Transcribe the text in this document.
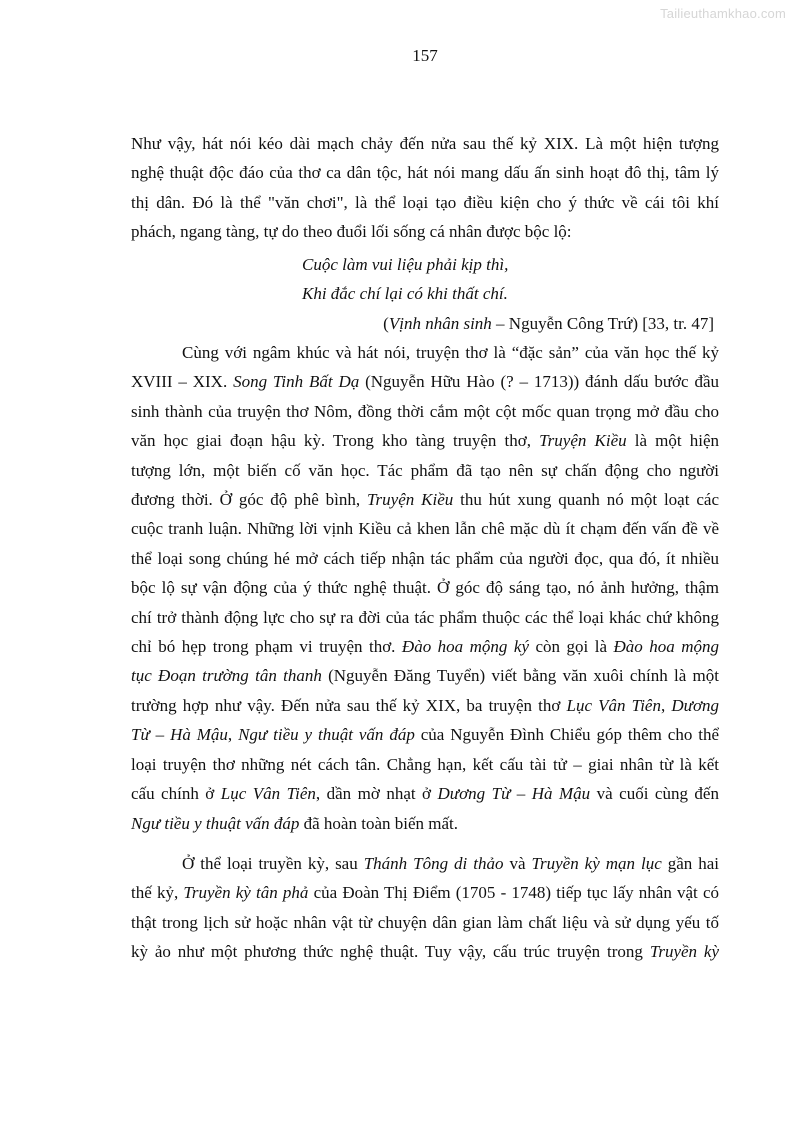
Tailieuthamkhao.com
157
Như vậy, hát nói kéo dài mạch chảy đến nửa sau thế kỷ XIX. Là một hiện tượng
nghệ thuật độc đáo của thơ ca dân tộc, hát nói mang dấu ấn sinh hoạt đô thị, tâm lý
thị dân. Đó là thể "văn chơi", là thể loại tạo điều kiện cho ý thức về cái tôi khí
phách, ngang tàng, tự do theo đuổi lối sống cá nhân được bộc lộ:
Cuộc làm vui liệu phải kịp thì,
Khi đắc chí lại có khi thất chí.
(Vịnh nhân sinh – Nguyễn Công Trứ) [33, tr. 47]
Cùng với ngâm khúc và hát nói, truyện thơ là “đặc sản” của văn học thế kỷ
XVIII – XIX. Song Tinh Bất Dạ (Nguyễn Hữu Hào (? – 1713)) đánh dấu bước đầu
sinh thành của truyện thơ Nôm, đồng thời cắm một cột mốc quan trọng mở đầu cho
văn học giai đoạn hậu kỳ. Trong kho tàng truyện thơ, Truyện Kiều là một hiện
tượng lớn, một biến cố văn học. Tác phẩm đã tạo nên sự chấn động cho người
đương thời. Ở góc độ phê bình, Truyện Kiều thu hút xung quanh nó một loạt các
cuộc tranh luận. Những lời vịnh Kiều cả khen lẫn chê mặc dù ít chạm đến vấn đề về
thể loại song chúng hé mở cách tiếp nhận tác phẩm của người đọc, qua đó, ít nhiều
bộc lộ sự vận động của ý thức nghệ thuật. Ở góc độ sáng tạo, nó ảnh hưởng, thậm
chí trở thành động lực cho sự ra đời của tác phẩm thuộc các thể loại khác chứ không
chỉ bó hẹp trong phạm vi truyện thơ. Đào hoa mộng ký còn gọi là Đào hoa mộng
tục Đoạn trường tân thanh (Nguyễn Đăng Tuyển) viết bằng văn xuôi chính là một
trường hợp như vậy. Đến nửa sau thế kỷ XIX, ba truyện thơ Lục Vân Tiên, Dương
Từ – Hà Mậu, Ngư tiều y thuật vấn đáp của Nguyễn Đình Chiểu góp thêm cho thể
loại truyện thơ những nét cách tân. Chẳng hạn, kết cấu tài tử – giai nhân từ là kết
cấu chính ở Lục Vân Tiên, dần mờ nhạt ở Dương Từ – Hà Mậu và cuối cùng đến
Ngư tiều y thuật vấn đáp đã hoàn toàn biến mất.
Ở thể loại truyền kỳ, sau Thánh Tông di thảo và Truyền kỳ mạn lục gần hai
thế kỷ, Truyền kỳ tân phả của Đoàn Thị Điểm (1705 - 1748) tiếp tục lấy nhân vật có
thật trong lịch sử hoặc nhân vật từ chuyện dân gian làm chất liệu và sử dụng yếu tố
kỳ ảo như một phương thức nghệ thuật. Tuy vậy, cấu trúc truyện trong Truyền kỳ
